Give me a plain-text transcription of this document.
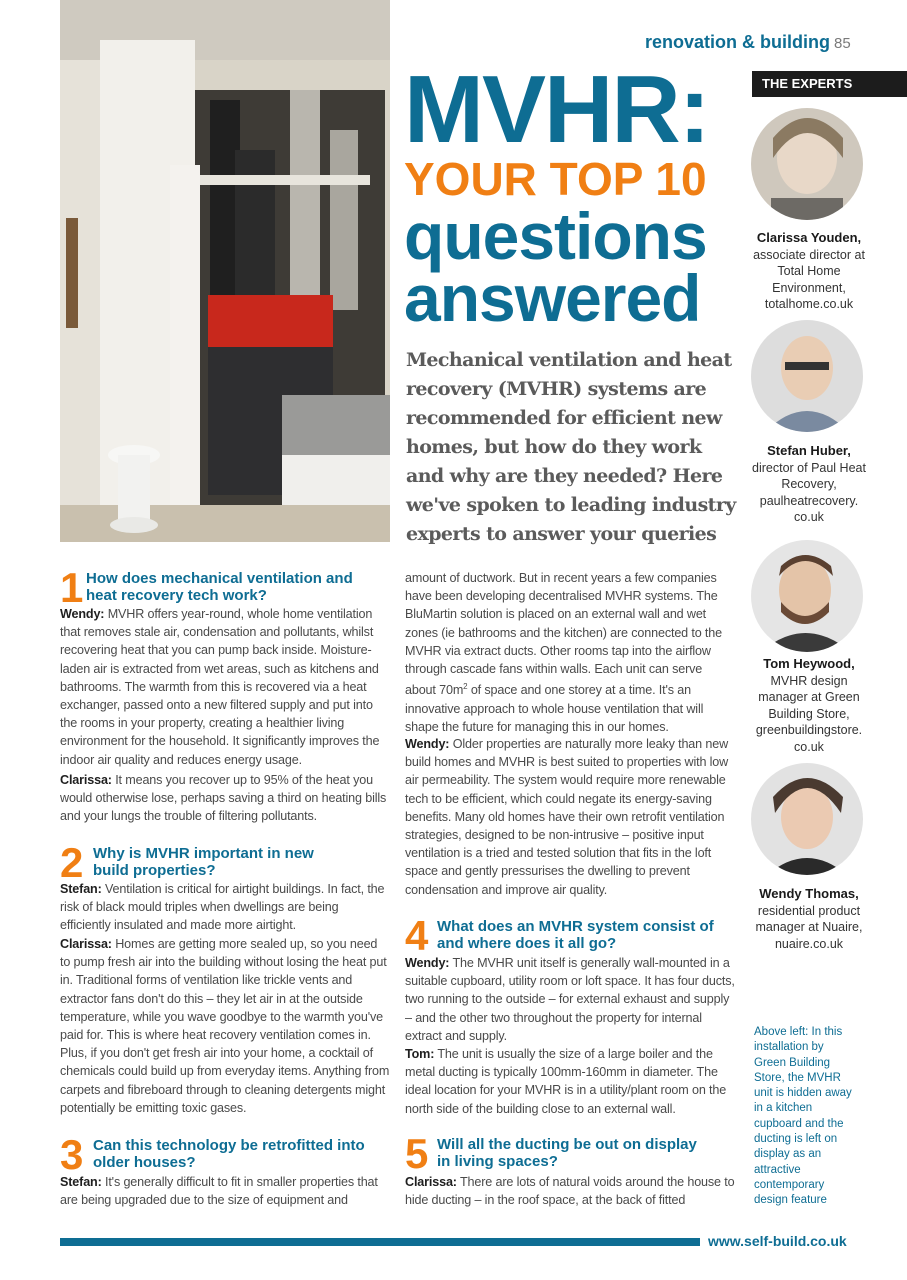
renovation & building 85
MVHR:
YOUR TOP 10
questions
answered
Mechanical ventilation and heat recovery (MVHR) systems are recommended for efficient new homes, but how do they work and why are they needed? Here we've spoken to leading industry experts to answer your queries
THE EXPERTS
Clarissa Youden,
associate director at Total Home Environment, totalhome.co.uk
Stefan Huber,
director of Paul Heat Recovery, paulheatrecovery. co.uk
Tom Heywood,
MVHR design manager at Green Building Store, greenbuildingstore. co.uk
Wendy Thomas,
residential product manager at Nuaire, nuaire.co.uk
1 How does mechanical ventilation and heat recovery tech work?
Wendy: MVHR offers year-round, whole home ventilation that removes stale air, condensation and pollutants, whilst recovering heat that you can pump back inside. Moisture-laden air is extracted from wet areas, such as kitchens and bathrooms. The warmth from this is recovered via a heat exchanger, passed onto a new filtered supply and put into the rooms in your property, creating a healthier living environment for the household. It significantly improves the indoor air quality and reduces energy usage.
Clarissa: It means you recover up to 95% of the heat you would otherwise lose, perhaps saving a third on heating bills and your lungs the trouble of filtering pollutants.
2 Why is MVHR important in new build properties?
Stefan: Ventilation is critical for airtight buildings. In fact, the risk of black mould triples when dwellings are being efficiently insulated and made more airtight.
Clarissa: Homes are getting more sealed up, so you need to pump fresh air into the building without losing the heat put in. Traditional forms of ventilation like trickle vents and extractor fans don't do this – they let air in at the outside temperature, while you wave goodbye to the warmth you've paid for. This is where heat recovery ventilation comes in. Plus, if you don't get fresh air into your home, a cocktail of chemicals could build up from everyday items. Anything from carpets and fibreboard through to cleaning detergents might potentially be emitting toxic gases.
3 Can this technology be retrofitted into older houses?
Stefan: It's generally difficult to fit in smaller properties that are being upgraded due to the size of equipment and
amount of ductwork. But in recent years a few companies have been developing decentralised MVHR systems. The BluMartin solution is placed on an external wall and wet zones (ie bathrooms and the kitchen) are connected to the MVHR via extract ducts. Other rooms tap into the airflow through cascade fans within walls. Each unit can serve about $70m^2$ of space and one storey at a time. It's an innovative approach to whole house ventilation that will shape the future for managing this in our homes.
Wendy: Older properties are naturally more leaky than new build homes and MVHR is best suited to properties with low air permeability. The system would require more renewable tech to be efficient, which could negate its energy-saving benefits. Many old homes have their own retrofit ventilation strategies, designed to be non-intrusive – positive input ventilation is a tried and tested solution that fits in the loft space and gently pressurises the dwelling to prevent condensation and improve air quality.
4 What does an MVHR system consist of and where does it all go?
Wendy: The MVHR unit itself is generally wall-mounted in a suitable cupboard, utility room or loft space. It has four ducts, two running to the outside – for external exhaust and supply – and the other two throughout the property for internal extract and supply.
Tom: The unit is usually the size of a large boiler and the metal ducting is typically 100mm-160mm in diameter. The ideal location for your MVHR is in a utility/plant room on the north side of the building close to an external wall.
5 Will all the ducting be out on display in living spaces?
Clarissa: There are lots of natural voids around the house to hide ducting – in the roof space, at the back of fitted
Above left: In this installation by Green Building Store, the MVHR unit is hidden away in a kitchen cupboard and the ducting is left on display as an attractive contemporary design feature
www.self-build.co.uk
